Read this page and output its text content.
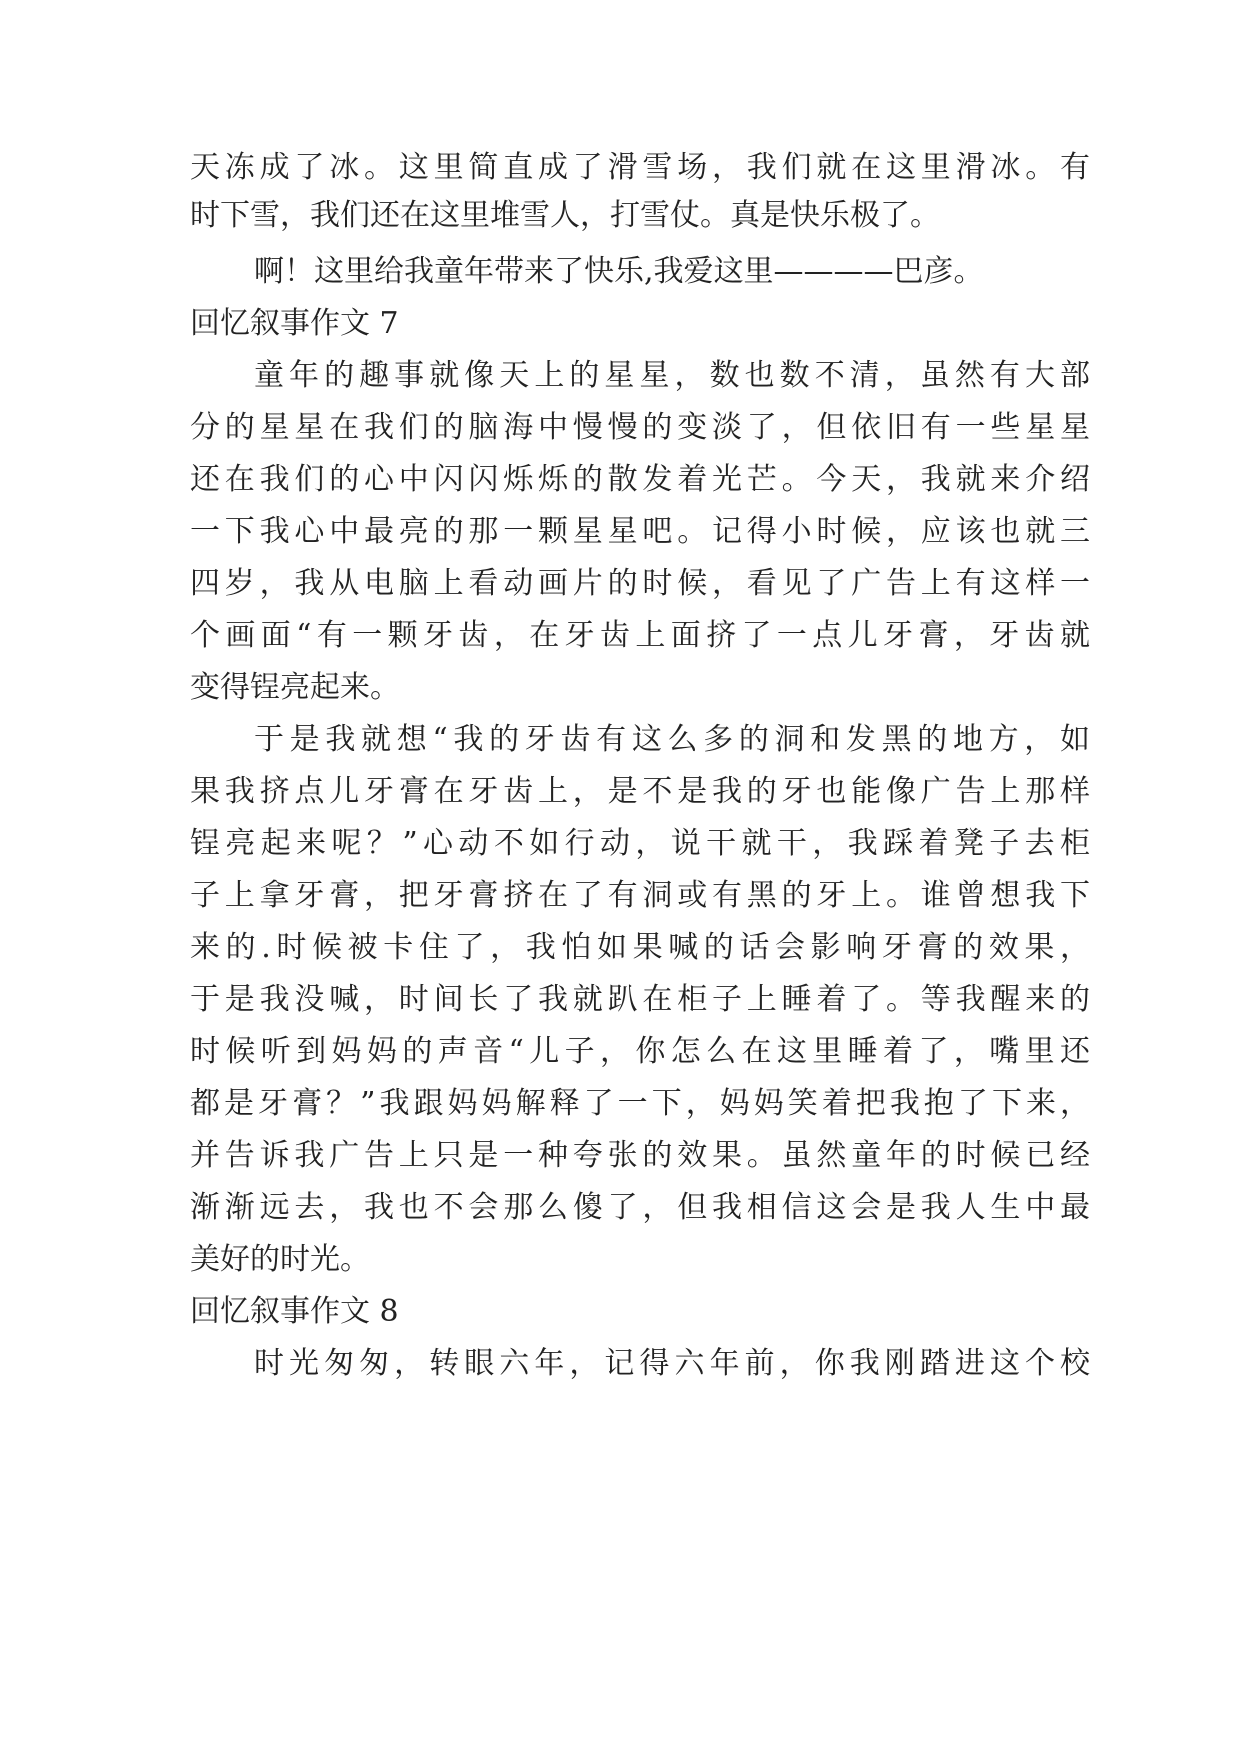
天冻成了冰。这里简直成了滑雪场，我们就在这里滑冰。有
时下雪，我们还在这里堆雪人，打雪仗。真是快乐极了。
啊！这里给我童年带来了快乐,我爱这里————巴彦。
回忆叙事作文 7
童年的趣事就像天上的星星，数也数不清，虽然有大部
分的星星在我们的脑海中慢慢的变淡了，但依旧有一些星星
还在我们的心中闪闪烁烁的散发着光芒。今天，我就来介绍
一下我心中最亮的那一颗星星吧。记得小时候，应该也就三
四岁，我从电脑上看动画片的时候，看见了广告上有这样一
个画面“有一颗牙齿，在牙齿上面挤了一点儿牙膏，牙齿就
变得锃亮起来。
于是我就想“我的牙齿有这么多的洞和发黑的地方，如
果我挤点儿牙膏在牙齿上，是不是我的牙也能像广告上那样
锃亮起来呢？”心动不如行动，说干就干，我踩着凳子去柜
子上拿牙膏，把牙膏挤在了有洞或有黑的牙上。谁曾想我下
来的.时候被卡住了，我怕如果喊的话会影响牙膏的效果，
于是我没喊，时间长了我就趴在柜子上睡着了。等我醒来的
时候听到妈妈的声音“儿子，你怎么在这里睡着了，嘴里还
都是牙膏？”我跟妈妈解释了一下，妈妈笑着把我抱了下来，
并告诉我广告上只是一种夸张的效果。虽然童年的时候已经
渐渐远去，我也不会那么傻了，但我相信这会是我人生中最
美好的时光。
回忆叙事作文 8
时光匆匆，转眼六年，记得六年前，你我刚踏进这个校
